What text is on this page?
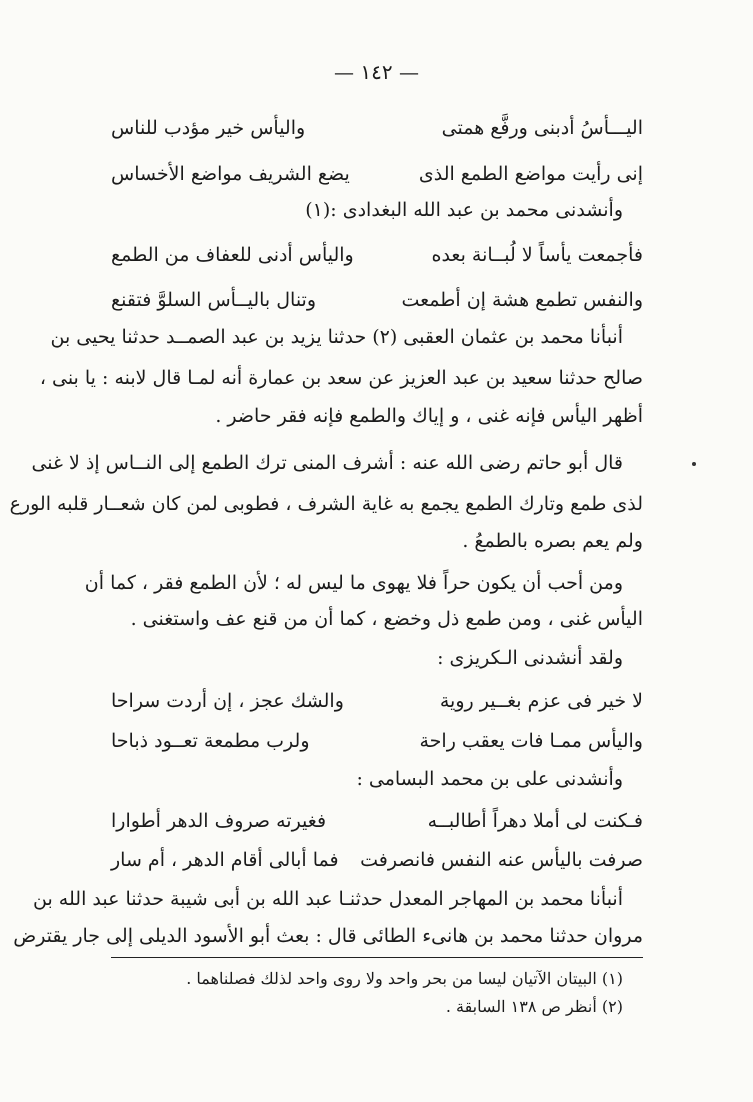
— ١٤٢ —
اليـــأسُ أدبنى ورفَّع همتى
واليأس خير مؤدب للناس
إنى رأيت مواضع الطمع الذى
يضع الشريف مواضع الأخساس
وأنشدنى محمد بن عبد الله البغدادى :(١)
فأجمعت يأساً لا لُبــانة بعده
واليأس أدنى للعفاف من الطمع
والنفس تطمع هشة إن أطمعت
وتنال باليــأس السلوَّ فتقنع
أنبأنا محمد بن عثمان العقبى (٢) حدثنا يزيد بن عبد الصمــد حدثنا يحيى بن
صالح حدثنا سعيد بن عبد العزيز عن سعد بن عمارة أنه لمـا قال لابنه : يا بنى ،
أظهر اليأس فإنه غنى ، و إياك والطمع فإنه فقر حاضر .
قال أبو حاتم رضى الله عنه : أشرف المنى ترك الطمع إلى النــاس إذ لا غنى
لذى طمع وتارك الطمع يجمع به غاية الشرف ، فطوبى لمن كان شعــار قلبه الورع
ولم يعم بصره بالطمعُ .
ومن أحب أن يكون حراً فلا يهوى ما ليس له ؛ لأن الطمع فقر ، كما أن
اليأس غنى ، ومن طمع ذل وخضع ، كما أن من قنع عف واستغنى .
ولقد أنشدنى الـكريزى :
لا خير فى عزم بغــير روية
والشك عجز ، إن أردت سراحا
واليأس ممـا فات يعقب راحة
ولرب مطمعة تعــود ذباحا
وأنشدنى على بن محمد البسامى :
فـكنت لى أملا دهراً أطالبــه
فغيرته صروف الدهر أطوارا
صرفت باليأس عنه النفس فانصرفت
فما أبالى أقام الدهر ، أم سار
أنبأنا محمد بن المهاجر المعدل حدثنـا عبد الله بن أبى شيبة حدثنا عبد الله بن
مروان حدثنا محمد بن هانىء الطائى قال : بعث أبو الأسود الديلى إلى جار يقترض
(١) البيتان الآتيان ليسا من بحر واحد ولا روى واحد لذلك فصلناهما .
(٢) أنظر ص ١٣٨ السابقة .
